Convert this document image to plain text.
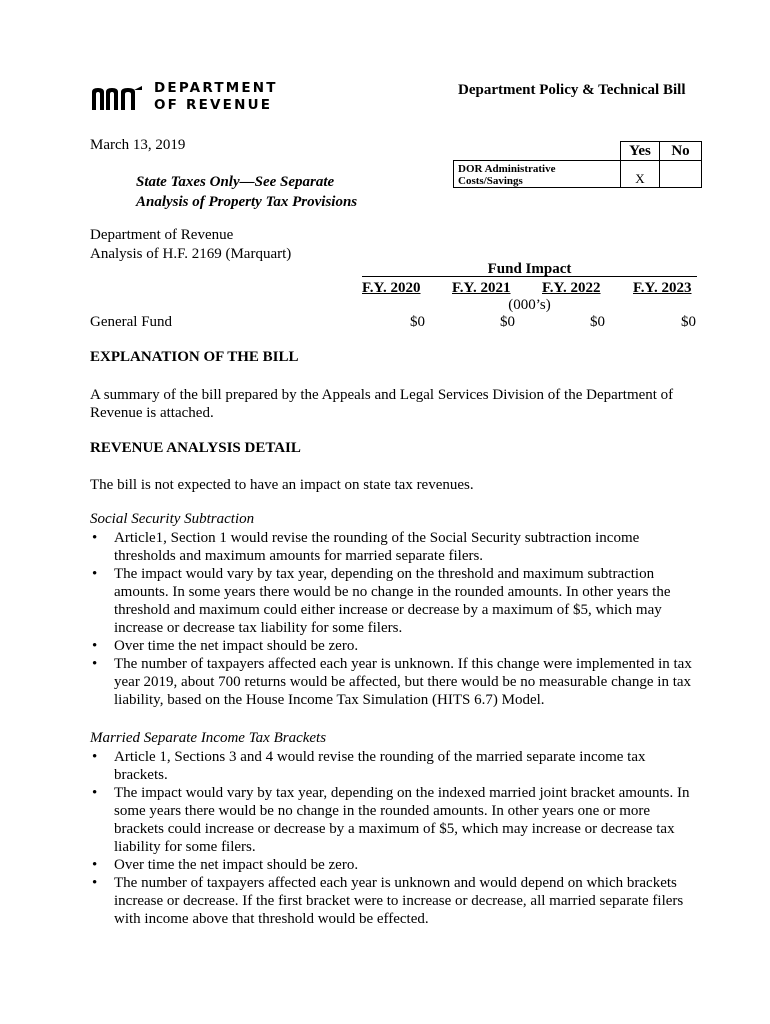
DEPARTMENT
OF REVENUE
Department Policy & Technical Bill
March 13, 2019
State Taxes Only—See Separate
Analysis of Property Tax Provisions
	Yes	No
DOR Administrative Costs/Savings	X	
Department of Revenue
Analysis of H.F. 2169 (Marquart)
Fund Impact
F.Y. 2020 F.Y. 2021 F.Y. 2022 F.Y. 2023
(000’s)
General Fund	$0	$0	$0	$0
EXPLANATION OF THE BILL
A summary of the bill prepared by the Appeals and Legal Services Division of the Department of Revenue is attached.
REVENUE ANALYSIS DETAIL
The bill is not expected to have an impact on state tax revenues.
Social Security Subtraction
• Article1, Section 1 would revise the rounding of the Social Security subtraction income thresholds and maximum amounts for married separate filers.
• The impact would vary by tax year, depending on the threshold and maximum subtraction amounts. In some years there would be no change in the rounded amounts. In other years the threshold and maximum could either increase or decrease by a maximum of $5, which may increase or decrease tax liability for some filers.
• Over time the net impact should be zero.
• The number of taxpayers affected each year is unknown. If this change were implemented in tax year 2019, about 700 returns would be affected, but there would be no measurable change in tax liability, based on the House Income Tax Simulation (HITS 6.7) Model.
Married Separate Income Tax Brackets
• Article 1, Sections 3 and 4 would revise the rounding of the married separate income tax brackets.
• The impact would vary by tax year, depending on the indexed married joint bracket amounts. In some years there would be no change in the rounded amounts. In other years one or more brackets could increase or decrease by a maximum of $5, which may increase or decrease tax liability for some filers.
• Over time the net impact should be zero.
• The number of taxpayers affected each year is unknown and would depend on which brackets increase or decrease. If the first bracket were to increase or decrease, all married separate filers with income above that threshold would be effected.
